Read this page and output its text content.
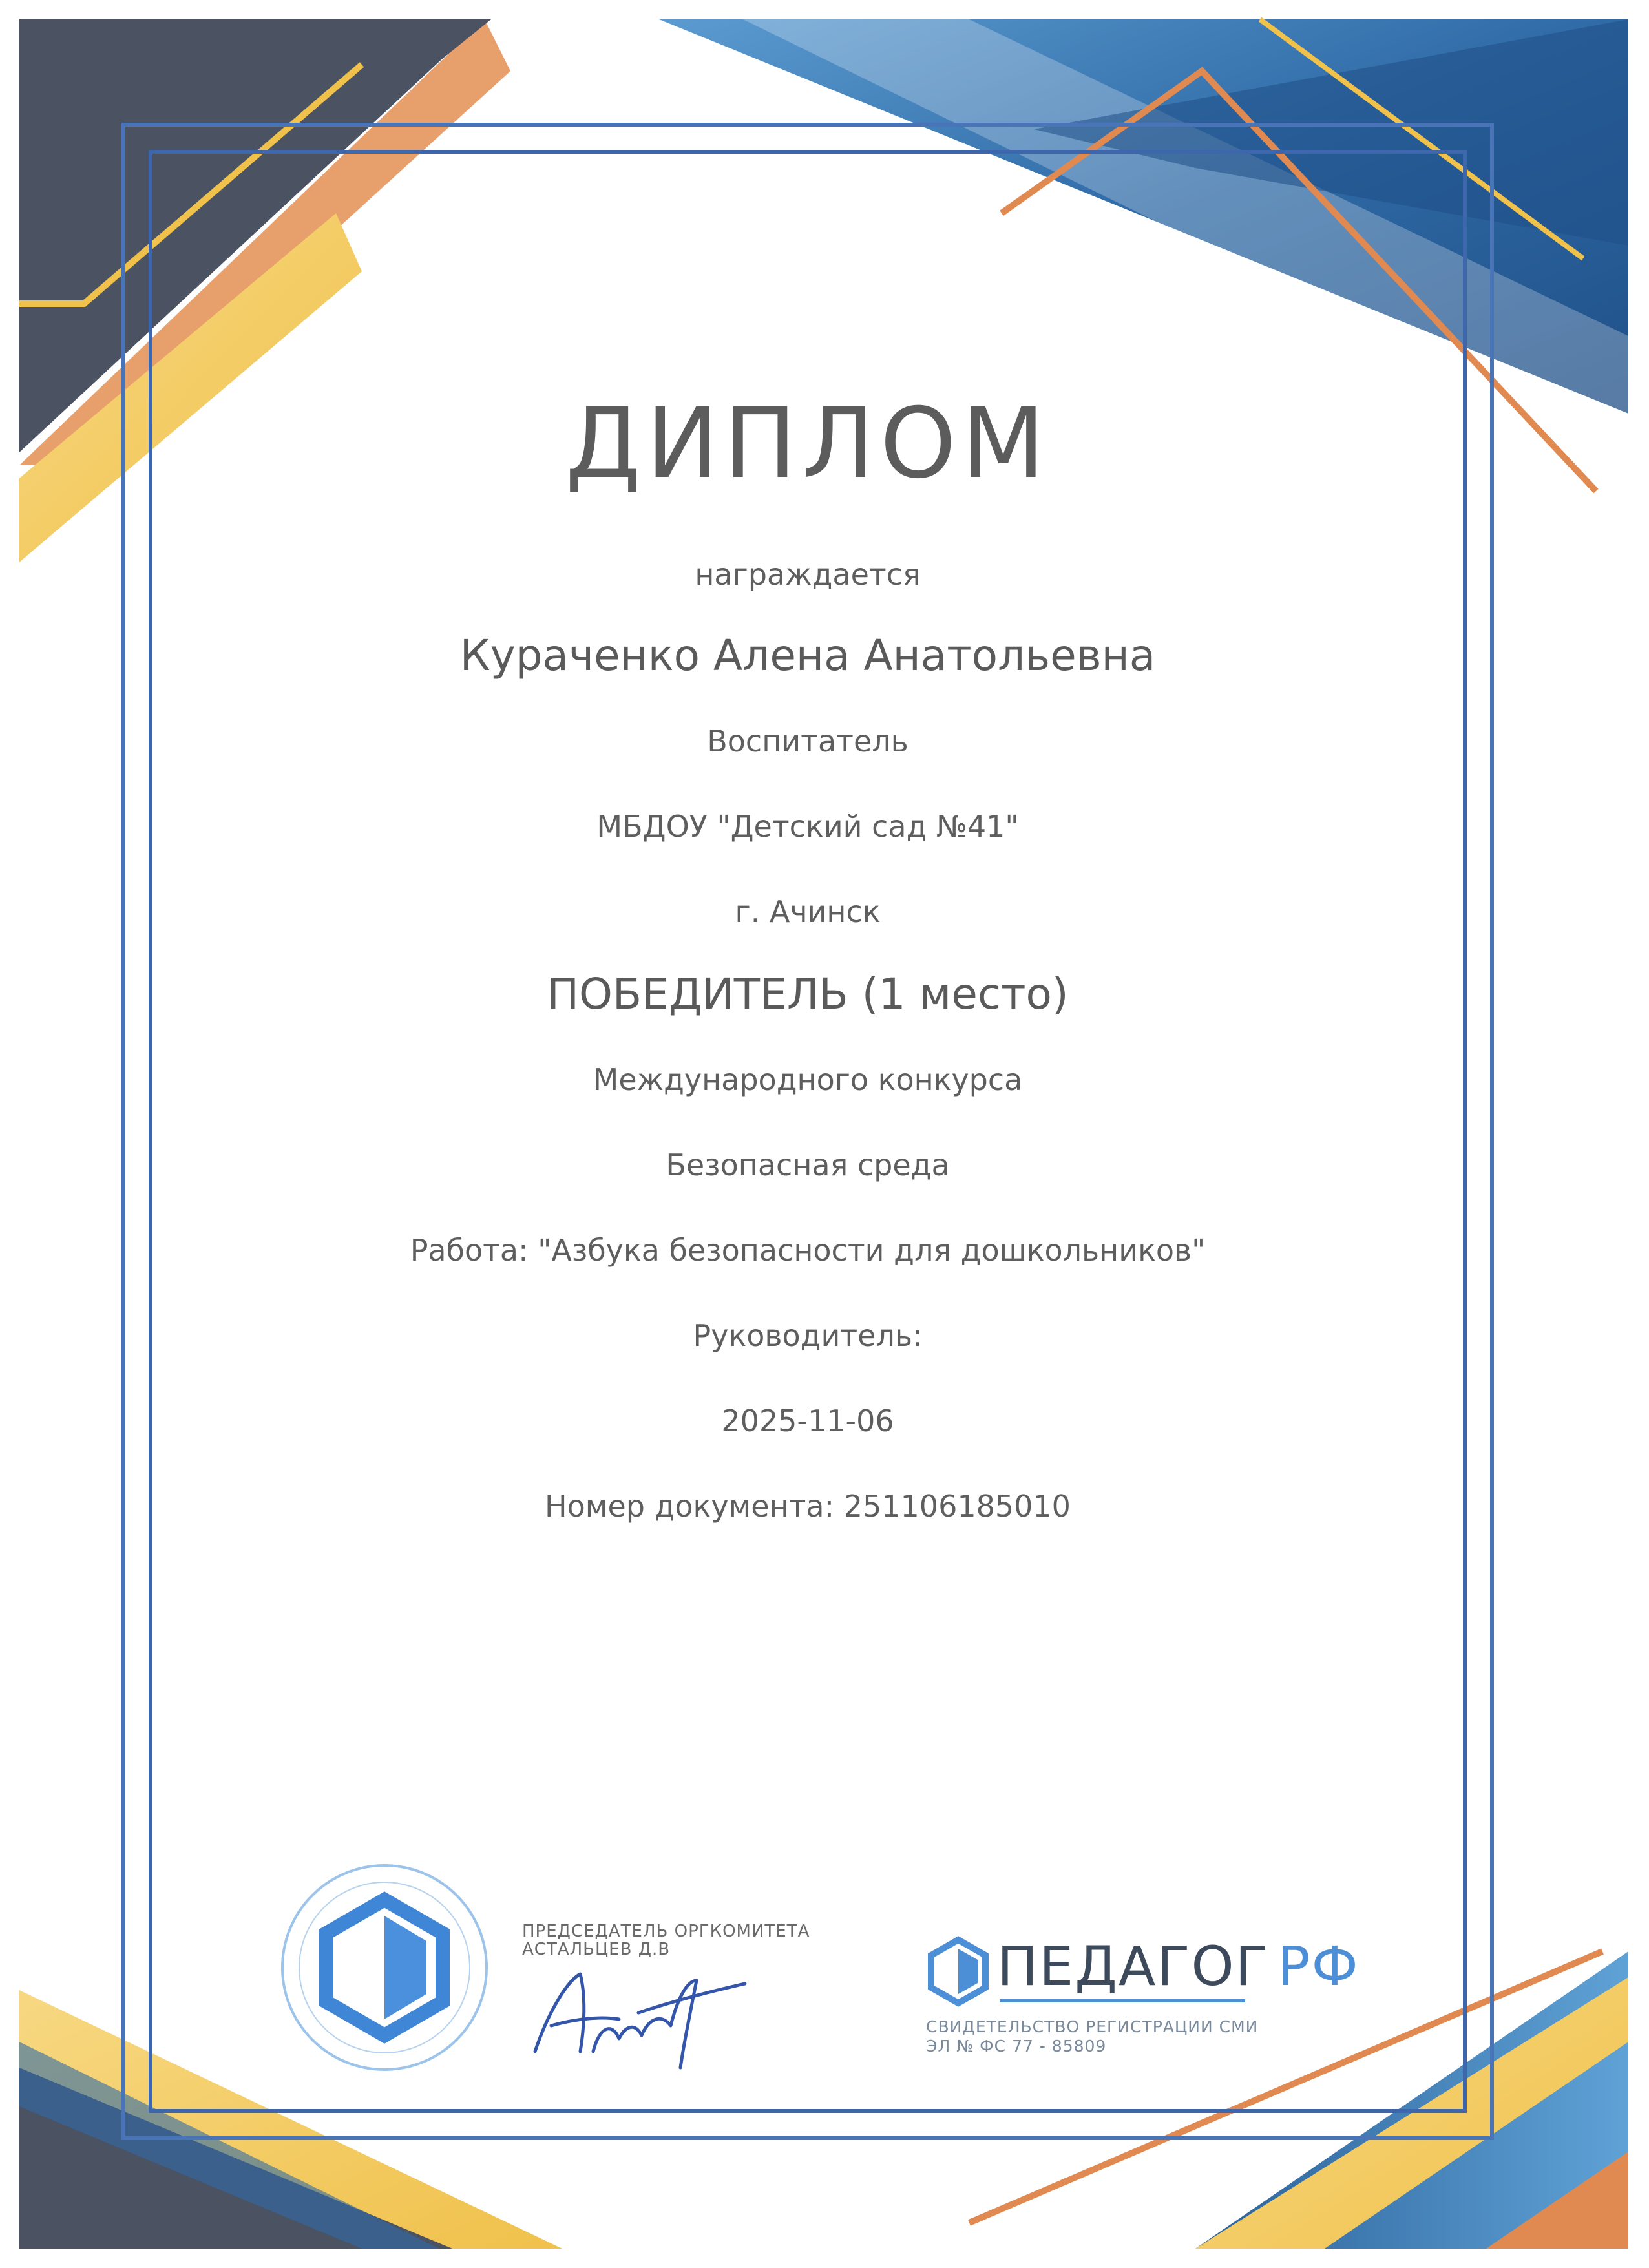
ДИПЛОМ
награждается
Кураченко Алена Анатольевна
Воспитатель
МБДОУ "Детский сад №41"
г. Ачинск
ПОБЕДИТЕЛЬ (1 место)
Международного конкурса
Безопасная среда
Работа: "Азбука безопасности для дошкольников"
Руководитель:
2025-11-06
Номер документа: 251106185010
ПРЕДСЕДАТЕЛЬ ОРГКОМИТЕТА
АСТАЛЬЦЕВ Д.В	ПЕДАГОГ РФ
СВИДЕТЕЛЬСТВО РЕГИСТРАЦИИ СМИ
ЭЛ № ФС 77 - 85809
